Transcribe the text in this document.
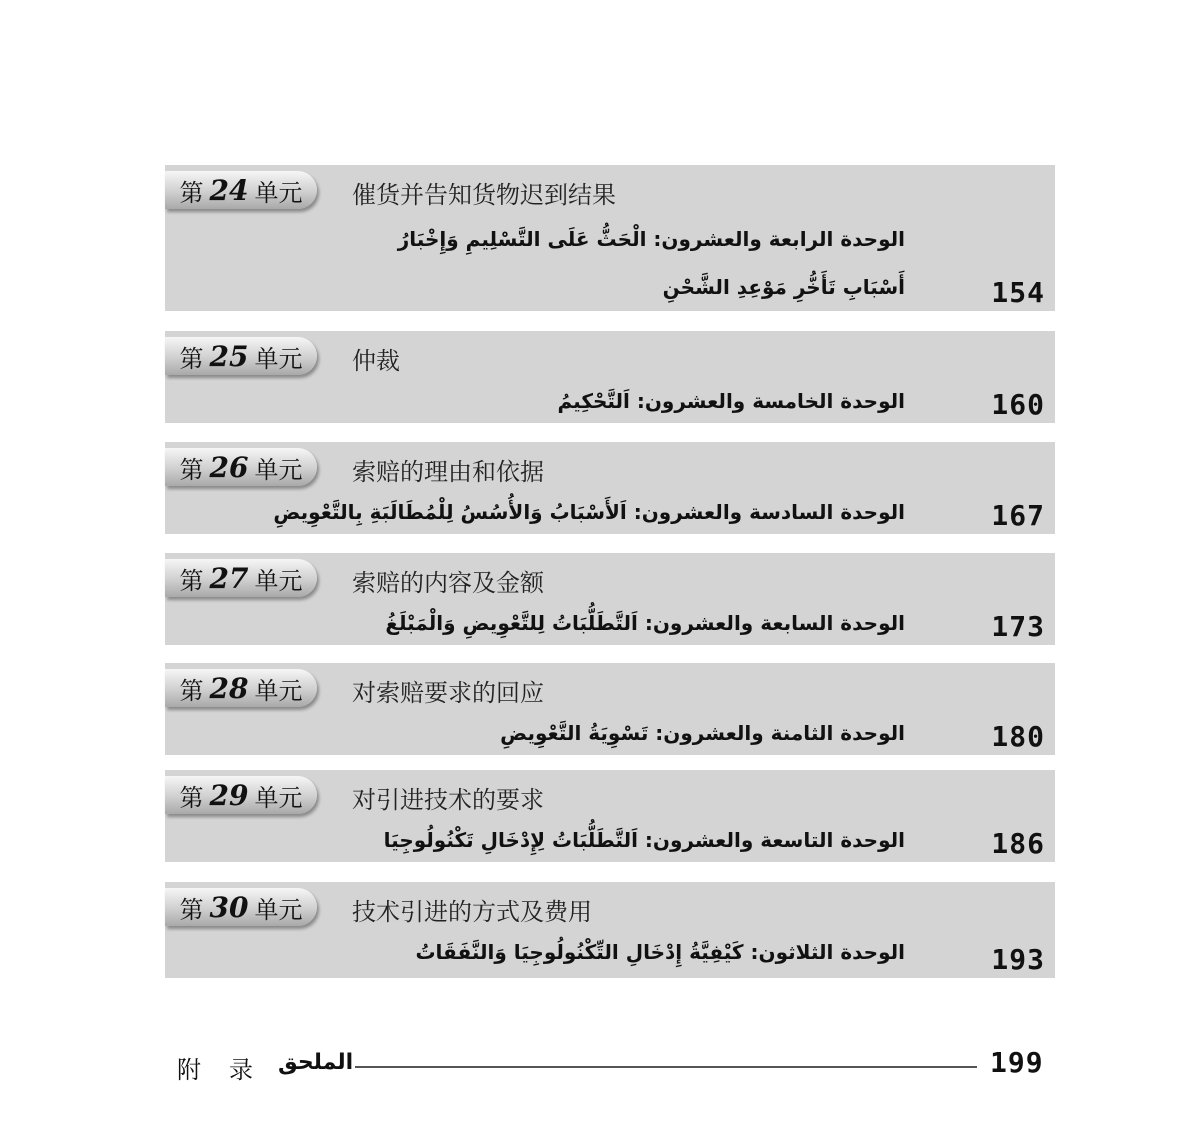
第 24 单元 催货并告知货物迟到结果
الوحدة الرابعة والعشرون: الْحَثُّ عَلَى التَّسْلِيمِ وَإِخْبَارُ أَسْبَابِ تَأَخُّرِ مَوْعِدِ الشَّحْنِ	154
第 25 单元 仲裁
الوحدة الخامسة والعشرون: اَلتَّحْكِيمُ	160
第 26 单元 索赔的理由和依据
الوحدة السادسة والعشرون: اَلأَسْبَابُ وَالأُسُسُ لِلْمُطَالَبَةِ بِالتَّعْوِيضِ	167
第 27 单元 索赔的内容及金额
الوحدة السابعة والعشرون: اَلتَّطَلُّبَاتُ لِلتَّعْوِيضِ وَالْمَبْلَغُ	173
第 28 单元 对索赔要求的回应
الوحدة الثامنة والعشرون: تَسْوِيَةُ التَّعْوِيضِ	180
第 29 单元 对引进技术的要求
الوحدة التاسعة والعشرون: اَلتَّطَلُّبَاتُ لِإِدْخَالِ تَكْنُولُوجِيَا	186
第 30 单元 技术引进的方式及费用
الوحدة الثلاثون: كَيْفِيَّةُ إِدْخَالِ التِّكْنُولُوجِيَا وَالنَّفَقَاتُ	193
附录
الملحق	199
